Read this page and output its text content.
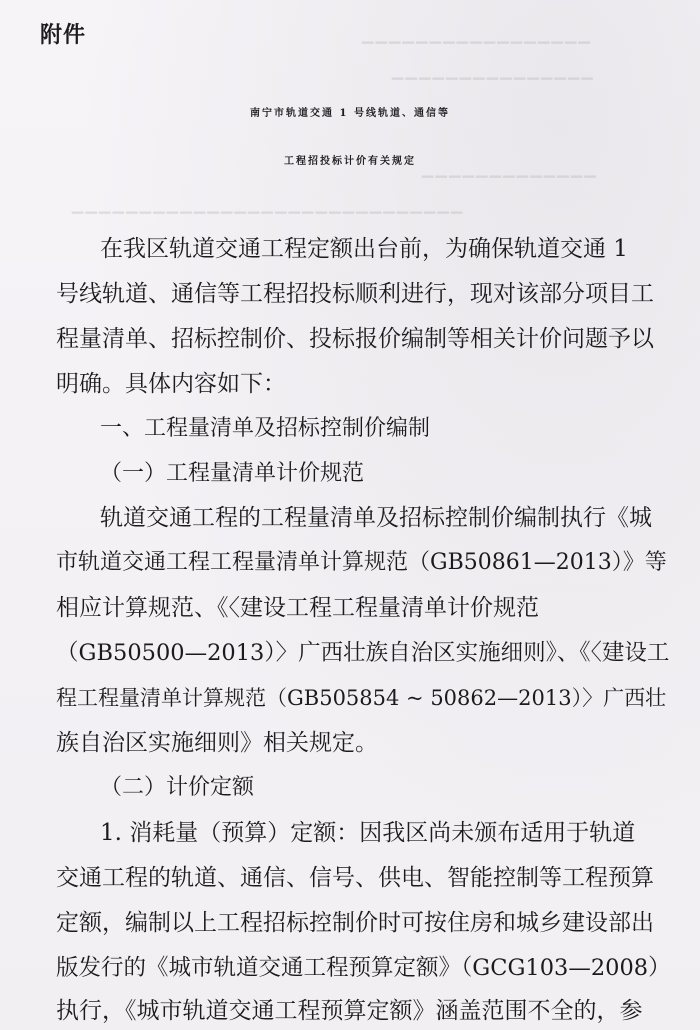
▁▁▁▁▁▁▁▁▁▁▁▁▁▁▁▁▁
▁▁▁▁▁▁▁▁▁▁▁▁▁▁▁
▁▁▁▁▁▁▁▁▁▁▁▁▁
▁▁▁▁▁▁▁▁▁▁▁▁▁▁▁▁▁▁▁▁▁▁▁▁▁▁▁▁▁

附件

南宁市轨道交通 1 号线轨道、通信等
工程招投标计价有关规定

在我区轨道交通工程定额出台前，为确保轨道交通 1

号线轨道、通信等工程招投标顺利进行，现对该部分项目工

程量清单、招标控制价、投标报价编制等相关计价问题予以

明确。具体内容如下：

一、工程量清单及招标控制价编制

（一）工程量清单计价规范

轨道交通工程的工程量清单及招标控制价编制执行《城

市轨道交通工程工程量清单计算规范（GB50861—2013）》等

相应计算规范、《〈建设工程工程量清单计价规范

（GB50500—2013）〉广西壮族自治区实施细则》、《〈建设工

程工程量清单计算规范（GB505854 ~ 50862—2013）〉广西壮

族自治区实施细则》相关规定。

（二）计价定额

1. 消耗量（预算）定额：因我区尚未颁布适用于轨道

交通工程的轨道、通信、信号、供电、智能控制等工程预算

定额，编制以上工程招标控制价时可按住房和城乡建设部出

版发行的《城市轨道交通工程预算定额》（GCG103—2008）

执行，《城市轨道交通工程预算定额》涵盖范围不全的，参
